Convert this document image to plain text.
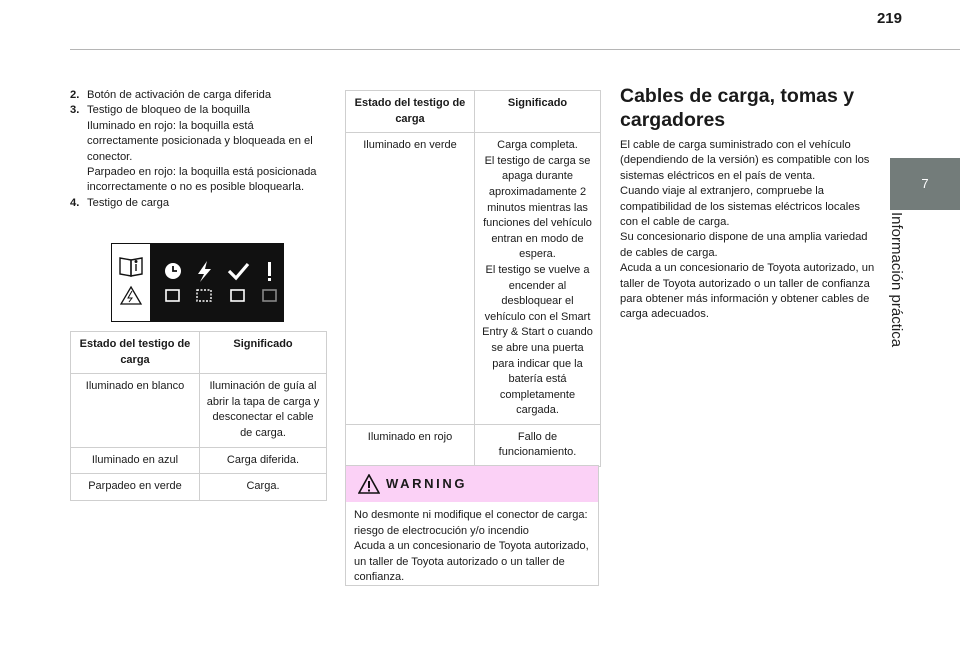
219
7
Información práctica
2. Botón de activación de carga diferida
3. Testigo de bloqueo de la boquilla
Iluminado en rojo: la boquilla está correctamente posicionada y bloqueada en el conector.
Parpadeo en rojo: la boquilla está posicionada incorrectamente o no es posible bloquearla.
4. Testigo de carga
Estado del testigo de carga	Significado
Iluminado en blanco	Iluminación de guía al abrir la tapa de carga y desconectar el cable de carga.
Iluminado en azul	Carga diferida.
Parpadeo en verde	Carga.
Estado del testigo de carga	Significado
Iluminado en verde	Carga completa.
El testigo de carga se apaga durante aproximadamente 2 minutos mientras las funciones del vehículo entran en modo de espera.
El testigo se vuelve a encender al desbloquear el vehículo con el Smart Entry & Start o cuando se abre una puerta para indicar que la batería está completamente cargada.
Iluminado en rojo	Fallo de funcionamiento.
WARNING
No desmonte ni modifique el conector de carga: riesgo de electrocución y/o incendio
Acuda a un concesionario de Toyota autorizado, un taller de Toyota autorizado o un taller de confianza.
Cables de carga, tomas y cargadores
El cable de carga suministrado con el vehículo (dependiendo de la versión) es compatible con los sistemas eléctricos en el país de venta.
Cuando viaje al extranjero, compruebe la compatibilidad de los sistemas eléctricos locales con el cable de carga.
Su concesionario dispone de una amplia variedad de cables de carga.
Acuda a un concesionario de Toyota autorizado, un taller de Toyota autorizado o un taller de confianza para obtener más información y obtener cables de carga adecuados.
